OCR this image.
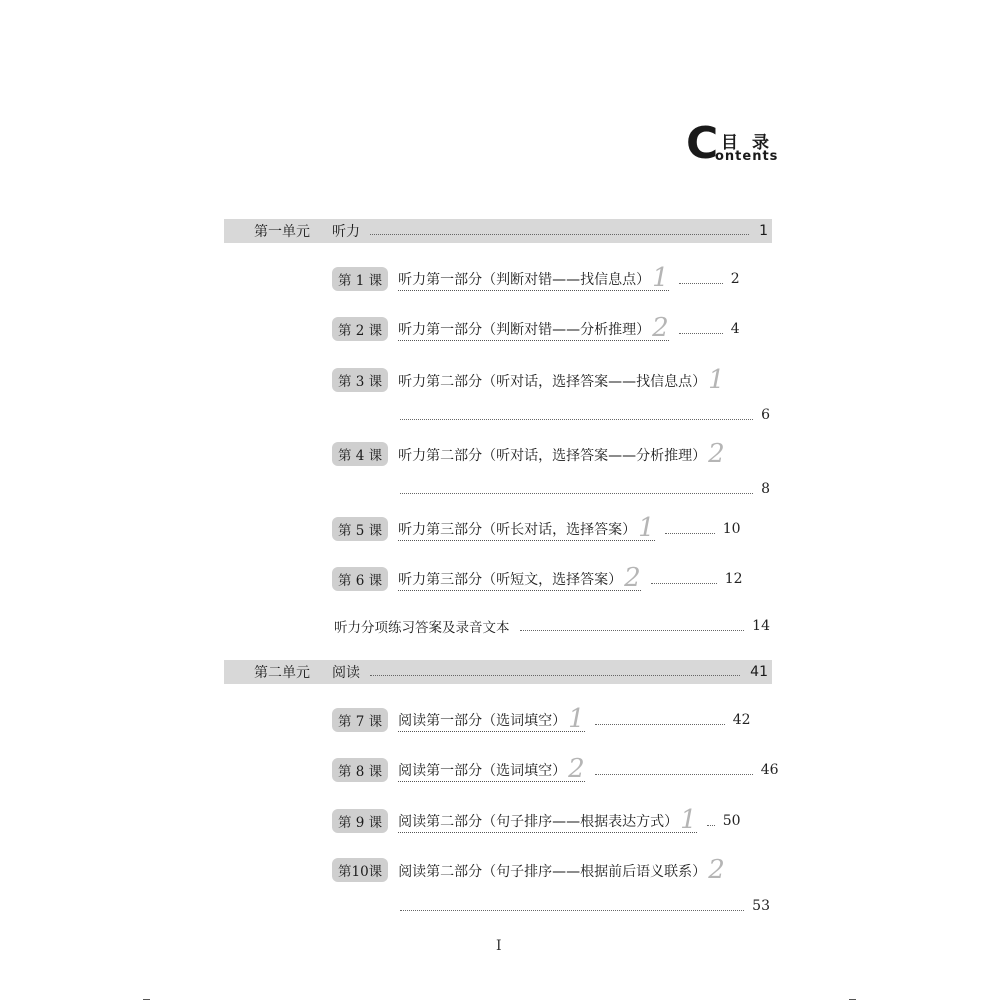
C 目录
ontents
第一单元	听力	1
第 1 课	听力第一部分（判断对错——找信息点） 1	2
第 2 课	听力第一部分（判断对错——分析推理） 2	4
第 3 课	听力第二部分（听对话，选择答案——找信息点） 1
6
第 4 课	听力第二部分（听对话，选择答案——分析推理） 2
8
第 5 课	听力第三部分（听长对话，选择答案） 1	10
第 6 课	听力第三部分（听短文，选择答案） 2	12
听力分项练习答案及录音文本	14
第二单元	阅读	41
第 7 课	阅读第一部分（选词填空） 1	42
第 8 课	阅读第一部分（选词填空） 2	46
第 9 课	阅读第二部分（句子排序——根据表达方式） 1 50
第10课	阅读第二部分（句子排序——根据前后语义联系） 2
53
I
